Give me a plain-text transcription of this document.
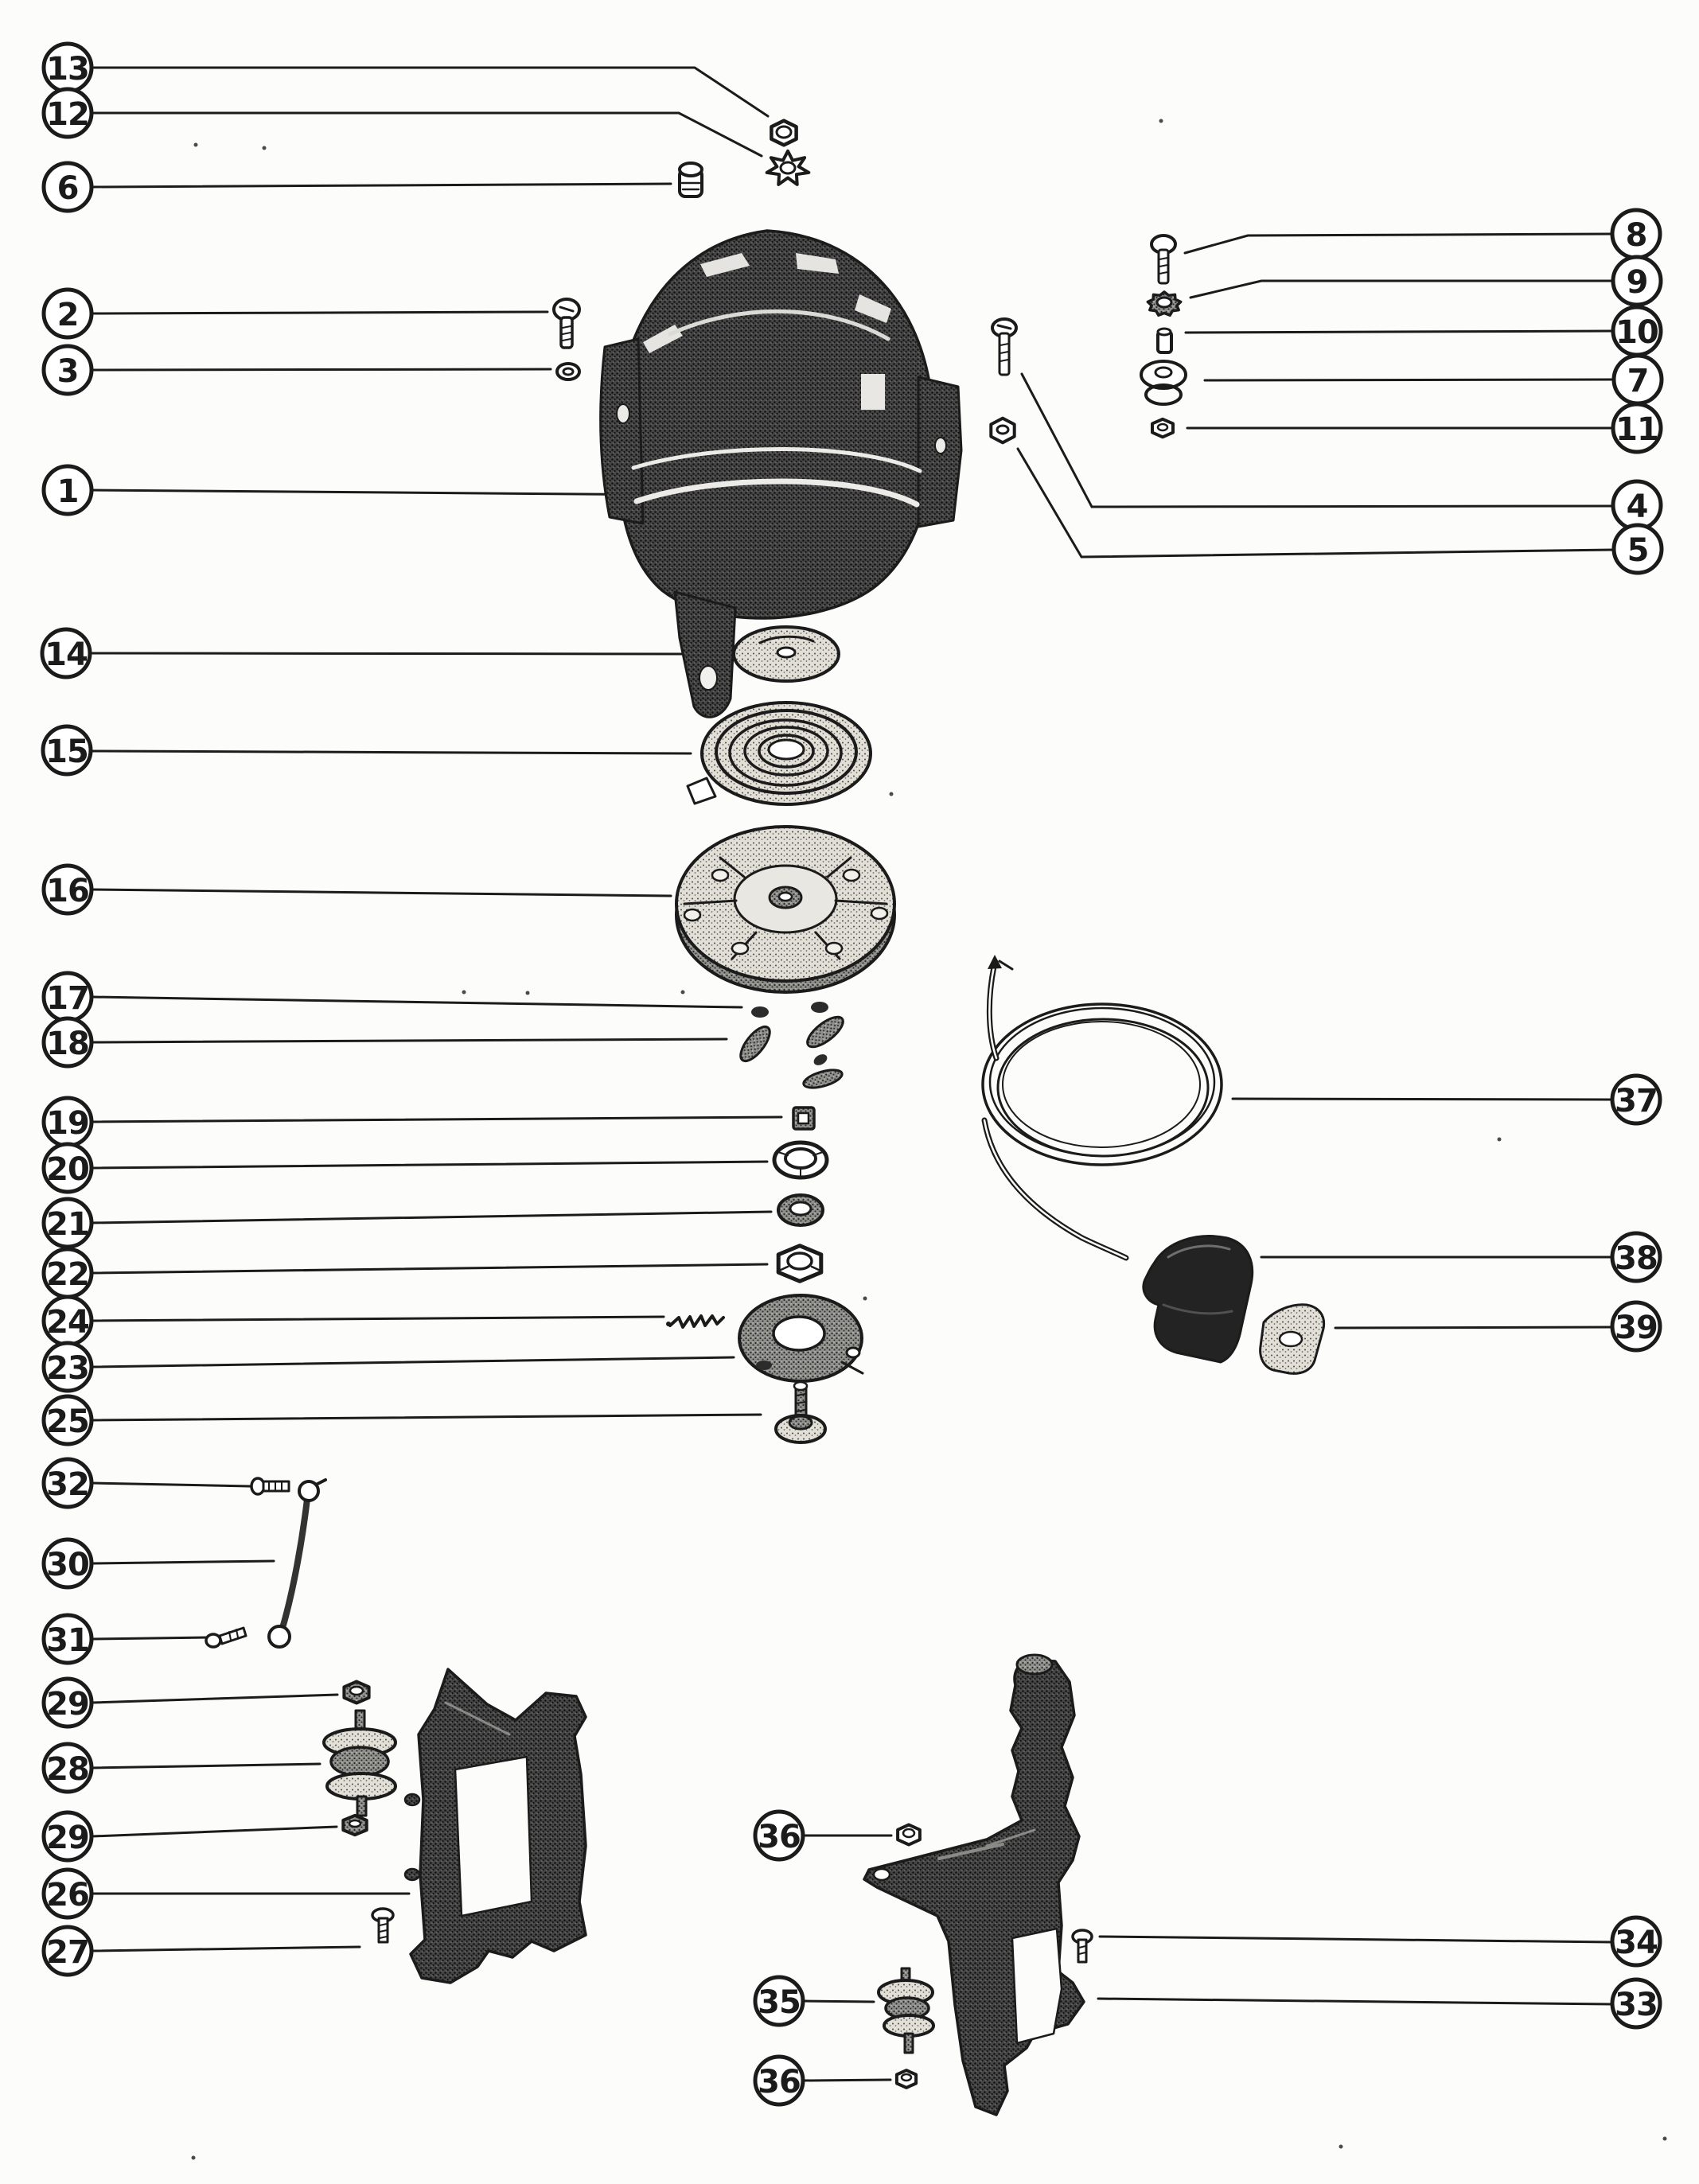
13
12
6
2
3
1
8
9
10
7
11
4
5
14
15
16
17
18
19
20
21
22
24
23
25
37
38
39
32
30
31
29
28
29
26
27
36
35
36
34
33
